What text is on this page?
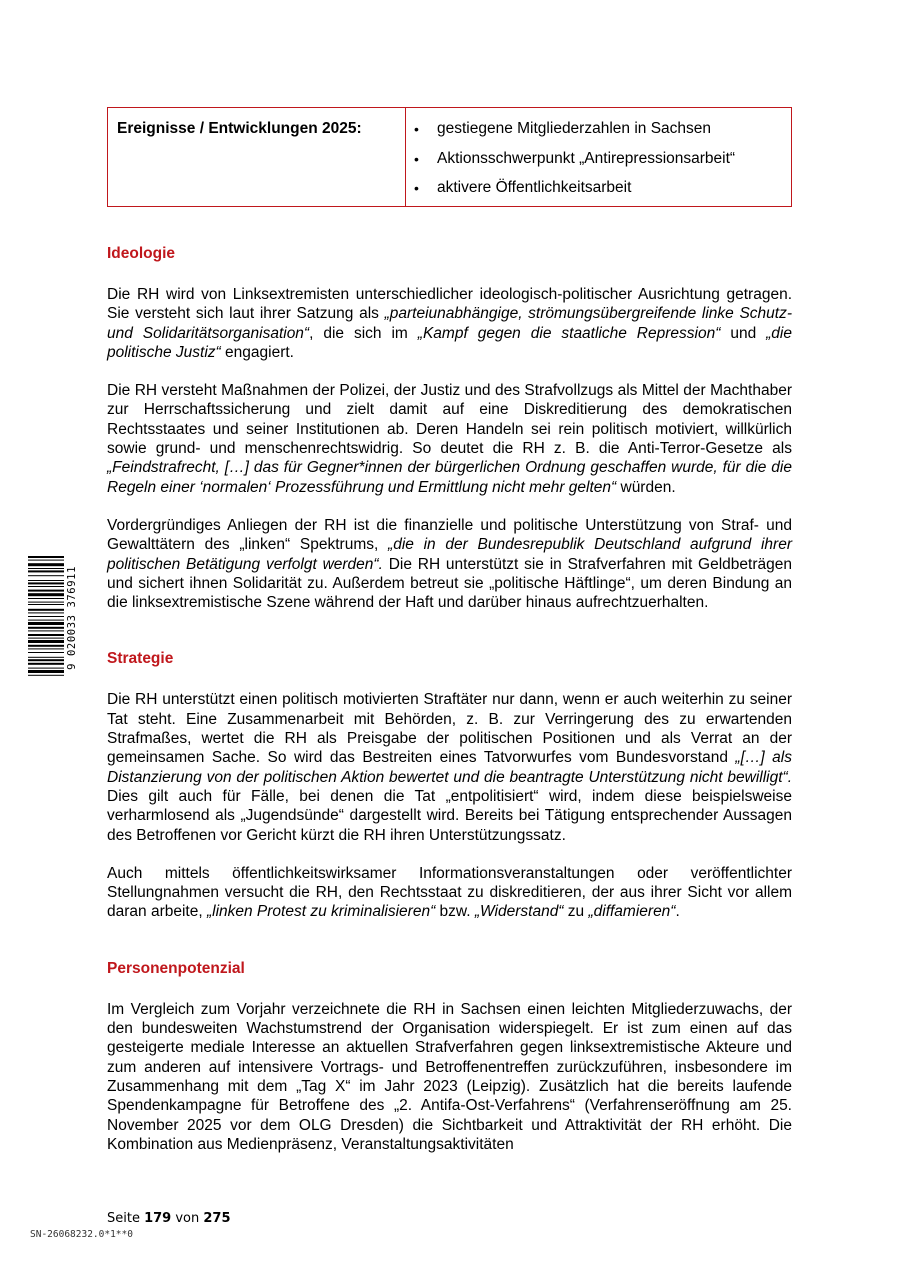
Ereignisse / Entwicklungen 2025:
•	gestiegene Mitgliederzahlen in Sachsen
• Aktionsschwerpunkt „Antirepressionsarbeit“
• aktivere Öffentlichkeitsarbeit
Ideologie

Die RH wird von Linksextremisten unterschiedlicher ideologisch-politischer Ausrichtung getragen. Sie versteht sich laut ihrer Satzung als „parteiunabhängige, strömungsübergreifende linke Schutz- und Solidaritätsorganisation“, die sich im „Kampf gegen die staatliche Repression“ und „die politische Justiz“ engagiert.

Die RH versteht Maßnahmen der Polizei, der Justiz und des Strafvollzugs als Mittel der Machthaber zur Herrschaftssicherung und zielt damit auf eine Diskreditierung des demokratischen Rechtsstaates und seiner Institutionen ab. Deren Handeln sei rein politisch motiviert, willkürlich sowie grund- und menschenrechtswidrig. So deutet die RH z. B. die Anti-Terror-Gesetze als „Feindstrafrecht, […] das für Gegner*innen der bürgerlichen Ordnung geschaffen wurde, für die die Regeln einer ‘normalen‘ Prozessführung und Ermittlung nicht mehr gelten“ würden.

Vordergründiges Anliegen der RH ist die finanzielle und politische Unterstützung von Straf- und Gewalttätern des „linken“ Spektrums, „die in der Bundesrepublik Deutschland aufgrund ihrer politischen Betätigung verfolgt werden“. Die RH unterstützt sie in Strafverfahren mit Geldbeträgen und sichert ihnen Solidarität zu. Außerdem betreut sie „politische Häftlinge“, um deren Bindung an die linksextremistische Szene während der Haft und darüber hinaus aufrechtzuerhalten.

Strategie

Die RH unterstützt einen politisch motivierten Straftäter nur dann, wenn er auch weiterhin zu seiner Tat steht. Eine Zusammenarbeit mit Behörden, z. B. zur Verringerung des zu erwartenden Strafmaßes, wertet die RH als Preisgabe der politischen Positionen und als Verrat an der gemeinsamen Sache. So wird das Bestreiten eines Tatvorwurfes vom Bundesvorstand „[…] als Distanzierung von der politischen Aktion bewertet und die beantragte Unterstützung nicht bewilligt“. Dies gilt auch für Fälle, bei denen die Tat „entpolitisiert“ wird, indem diese beispielsweise verharmlosend als „Jugendsünde“ dargestellt wird. Bereits bei Tätigung entsprechender Aussagen des Betroffenen vor Gericht kürzt die RH ihren Unterstützungssatz.

Auch mittels öffentlichkeitswirksamer Informationsveranstaltungen oder veröffentlichter Stellungnahmen versucht die RH, den Rechtsstaat zu diskreditieren, der aus ihrer Sicht vor allem daran arbeite, „linken Protest zu kriminalisieren“ bzw. „Widerstand“ zu „diffamieren“.

Personenpotenzial

Im Vergleich zum Vorjahr verzeichnete die RH in Sachsen einen leichten Mitgliederzuwachs, der den bundesweiten Wachstumstrend der Organisation widerspiegelt. Er ist zum einen auf das gesteigerte mediale Interesse an aktuellen Strafverfahren gegen linksextremistische Akteure und zum anderen auf intensivere Vortrags- und Betroffenentreffen zurückzuführen, insbesondere im Zusammenhang mit dem „Tag X“ im Jahr 2023 (Leipzig). Zusätzlich hat die bereits laufende Spendenkampagne für Betroffene des „2. Antifa-Ost-Verfahrens“ (Verfahrenseröffnung am 25. November 2025 vor dem OLG Dresden) die Sichtbarkeit und Attraktivität der RH erhöht. Die Kombination aus Medienpräsenz, Veranstaltungsaktivitäten

9 020033 376911
Seite 179 von 275
SN-26068232.0*1**0
